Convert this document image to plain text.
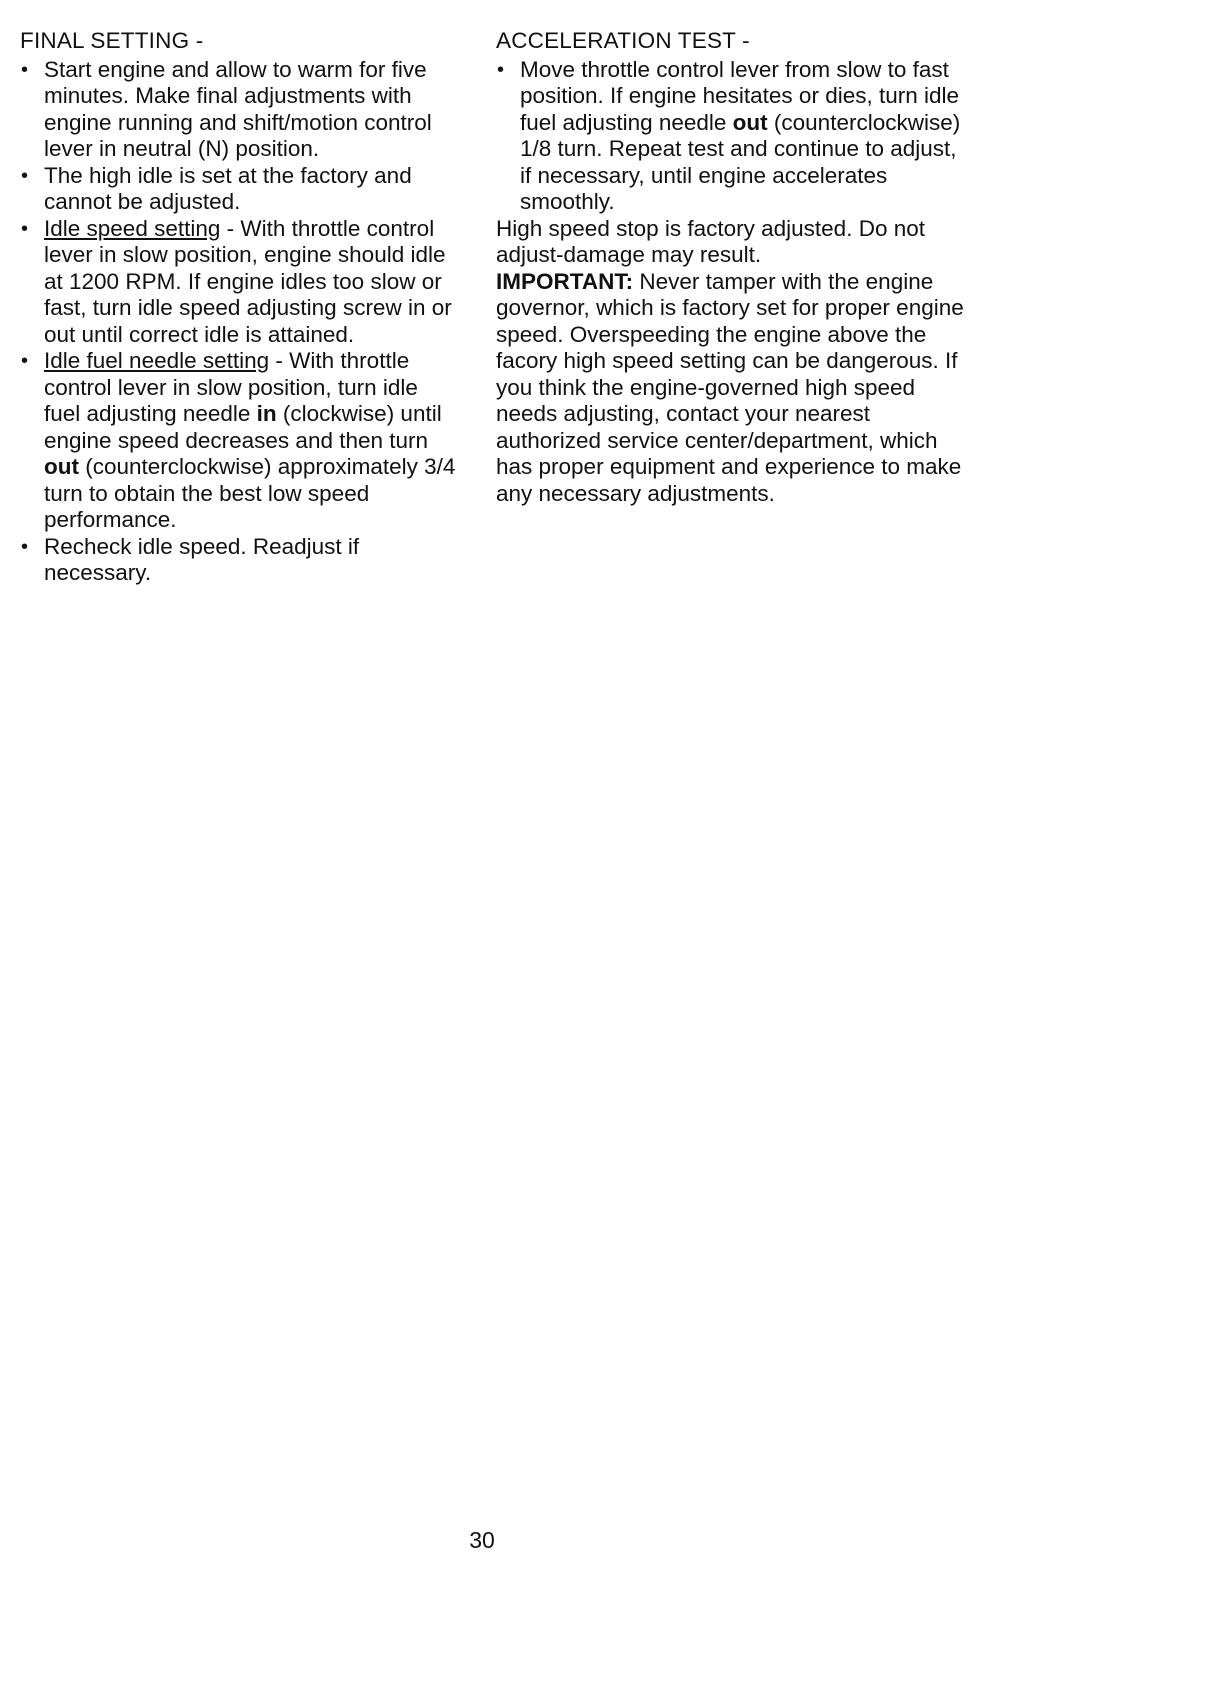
FINAL SETTING -
• Start engine and allow to warm for five minutes. Make final adjustments with engine running and shift/motion control lever in neutral (N) position.
• The high idle is set at the factory and cannot be adjusted.
• Idle speed setting - With throttle control lever in slow position, engine should idle at 1200 RPM. If engine idles too slow or fast, turn idle speed adjusting screw in or out until correct idle is attained.
• Idle fuel needle setting - With throttle control lever in slow position, turn idle fuel adjusting needle in (clockwise) until engine speed decreases and then turn out (counterclockwise) approximately 3/4 turn to obtain the best low speed performance.
• Recheck idle speed. Readjust if necessary.
ACCELERATION TEST -
• Move throttle control lever from slow to fast position. If engine hesitates or dies, turn idle fuel adjusting needle out (counterclockwise) 1/8 turn. Repeat test and continue to adjust, if necessary, until engine accelerates smoothly.

High speed stop is factory adjusted. Do not adjust-damage may result.

IMPORTANT: Never tamper with the engine governor, which is factory set for proper engine speed. Overspeeding the engine above the facory high speed setting can be dangerous. If you think the engine-governed high speed needs adjusting, contact your nearest authorized service center/department, which has proper equipment and experience to make any necessary adjustments.

30
